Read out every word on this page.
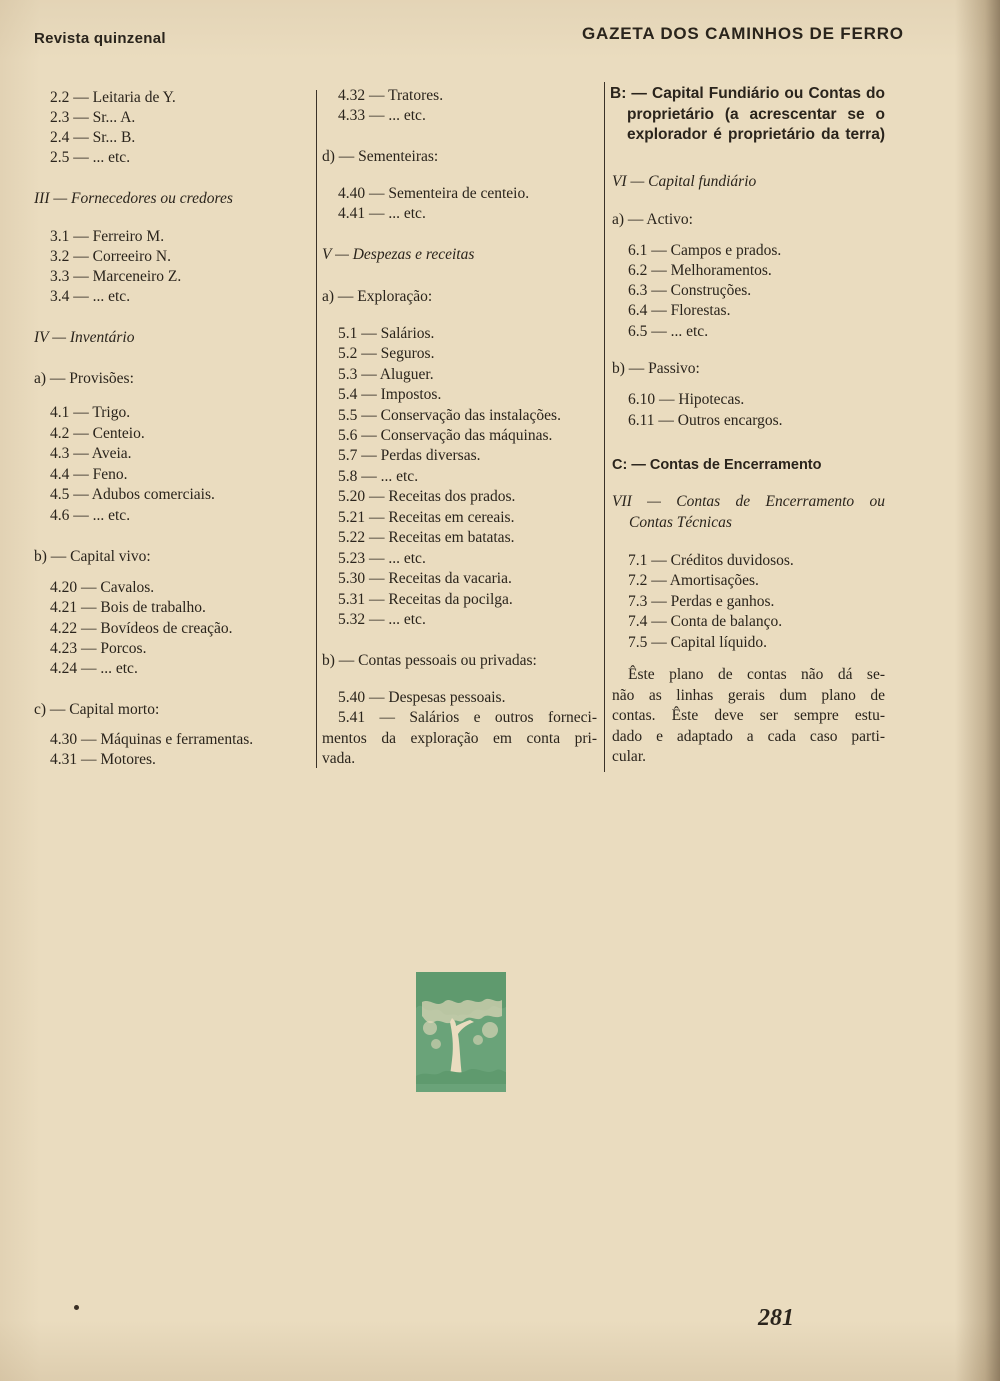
Revista quinzenal	GAZETA DOS CAMINHOS DE FERRO
2.2 — Leitaria de Y.
2.3 — Sr... A.
2.4 — Sr... B.
2.5 — ... etc.
III — Fornecedores ou credores
3.1 — Ferreiro M.
3.2 — Correeiro N.
3.3 — Marceneiro Z.
3.4 — ... etc.
IV — Inventário
a) — Provisões:
4.1 — Trigo.
4.2 — Centeio.
4.3 — Aveia.
4.4 — Feno.
4.5 — Adubos comerciais.
4.6 — ... etc.
b) — Capital vivo:
4.20 — Cavalos.
4.21 — Bois de trabalho.
4.22 — Bovídeos de creação.
4.23 — Porcos.
4.24 — ... etc.
c) — Capital morto:
4.30 — Máquinas e ferramentas.
4.31 — Motores.
4.32 — Tratores.
4.33 — ... etc.
d) — Sementeiras:
4.40 — Sementeira de centeio.
4.41 — ... etc.
V — Despezas e receitas
a) — Exploração:
5.1 — Salários.
5.2 — Seguros.
5.3 — Aluguer.
5.4 — Impostos.
5.5 — Conservação das instalações.
5.6 — Conservação das máquinas.
5.7 — Perdas diversas.
5.8 — ... etc.
5.20 — Receitas dos prados.
5.21 — Receitas em cereais.
5.22 — Receitas em batatas.
5.23 — ... etc.
5.30 — Receitas da vacaria.
5.31 — Receitas da pocilga.
5.32 — ... etc.
b) — Contas pessoais ou privadas:
5.40 — Despesas pessoais.
5.41 — Salários e outros forneci-
mentos da exploração em conta pri-
vada.
B: — Capital Fundiário ou Contas do
proprietário (a acrescentar se o
explorador é proprietário da terra)
VI — Capital fundiário
a) — Activo:
6.1 — Campos e prados.
6.2 — Melhoramentos.
6.3 — Construções.
6.4 — Florestas.
6.5 — ... etc.
b) — Passivo:
6.10 — Hipotecas.
6.11 — Outros encargos.
C: — Contas de Encerramento
VII — Contas de Encerramento ou
Contas Técnicas
7.1 — Créditos duvidosos.
7.2 — Amortisações.
7.3 — Perdas e ganhos.
7.4 — Conta de balanço.
7.5 — Capital líquido.
Êste plano de contas não dá se-
não as linhas gerais dum plano de
contas. Êste deve ser sempre estu-
dado e adaptado a cada caso parti-
cular.
281
